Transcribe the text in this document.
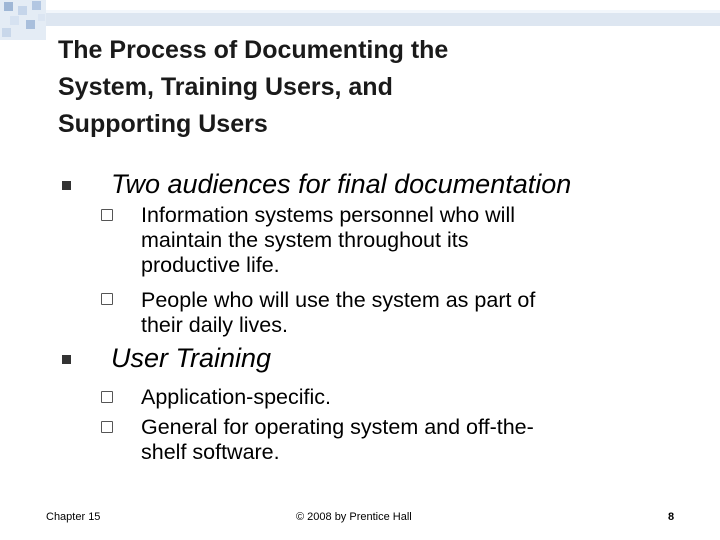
The Process of Documenting the
System, Training Users, and
Supporting Users
Two audiences for final documentation
Information systems personnel who will
maintain the system throughout its
productive life.
People who will use the system as part of
their daily lives.
User Training
Application-specific.
General for operating system and off-the-
shelf software.
Chapter 15	© 2008 by Prentice Hall	8
